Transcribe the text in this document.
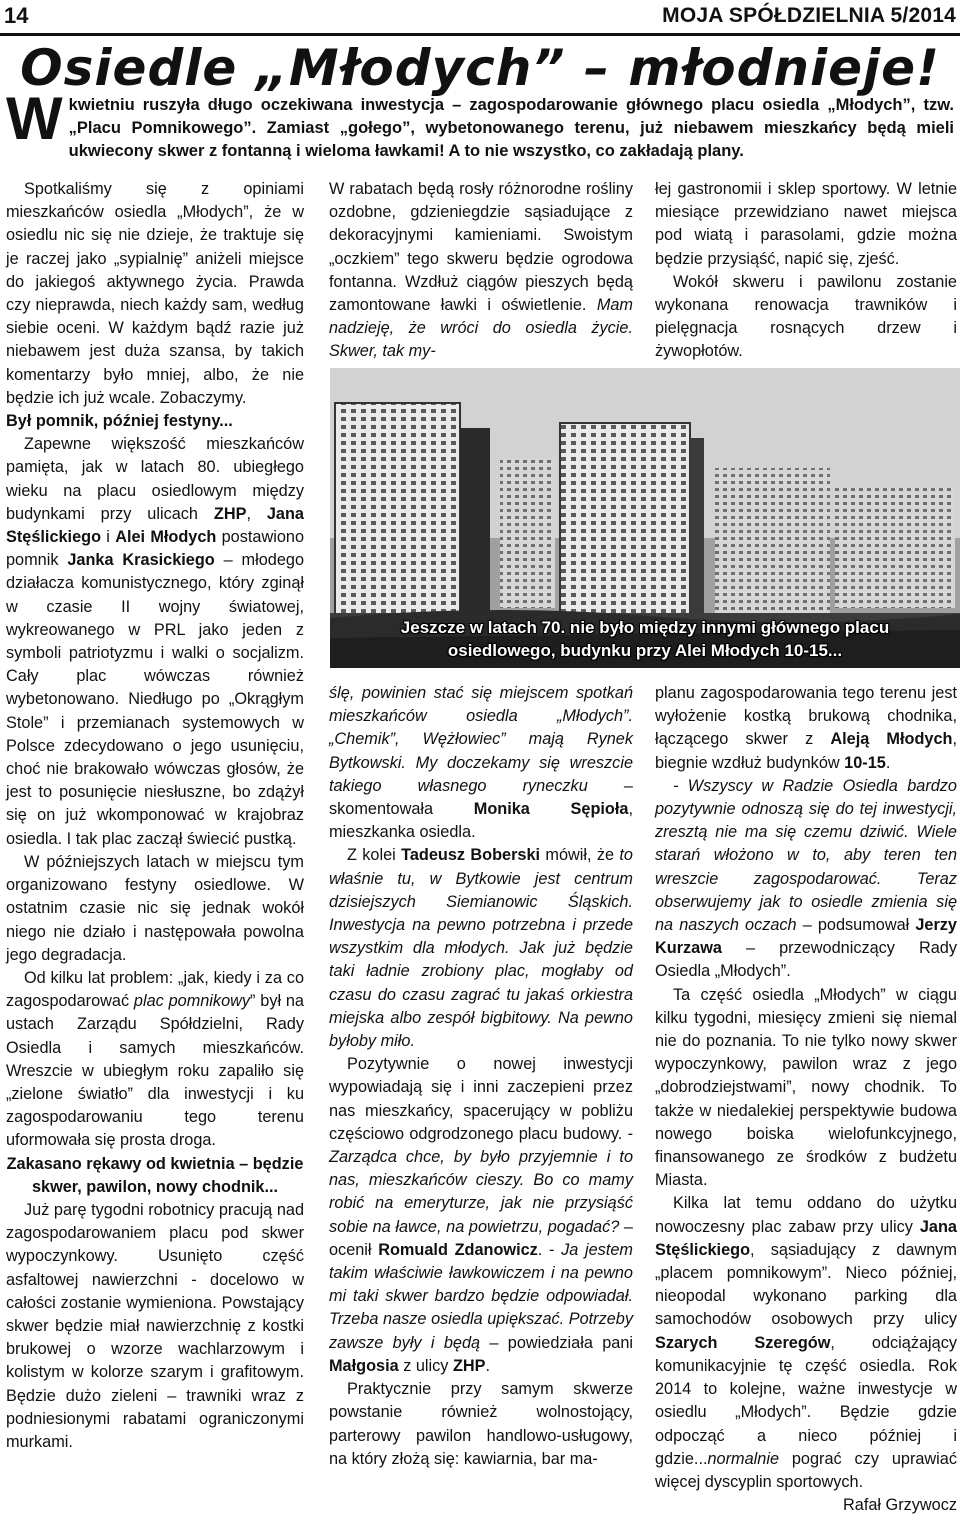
14	MOJA SPÓŁDZIELNIA 5/2014
Osiedle „Młodych” – młodnieje!
Wkwietniu ruszyła długo oczekiwana inwestycja – zagospodarowanie głównego placu osiedla „Młodych”, tzw. „Placu Pomnikowego”. Zamiast „gołego”, wybetonowanego terenu, już niebawem mieszkańcy będą mieli ukwiecony skwer z fontanną i wieloma ławkami! A to nie wszystko, co zakładają plany.

Spotkaliśmy się z opiniami mieszkańców osiedla „Młodych”, że w osiedlu nic się nie dzieje, że traktuje się je raczej jako „sypialnię” aniżeli miejsce do jakiegoś aktywnego życia. Prawda czy nieprawda, niech każdy sam, według siebie oceni. W każdym bądź razie już niebawem jest duża szansa, by takich komentarzy było mniej, albo, że nie będzie ich już wcale. Zobaczymy.

Był pomnik, później festyny...

Zapewne większość mieszkańców pamięta, jak w latach 80. ubiegłego wieku na placu osiedlowym między budynkami przy ulicach ZHP, Jana Stęślickiego i Alei Młodych postawiono pomnik Janka Krasickiego – młodego działacza komunistycznego, który zginął w czasie II wojny światowej, wykreowanego w PRL jako jeden z symboli patriotyzmu i walki o socjalizm. Cały plac wówczas również wybetonowano. Niedługo po „Okrągłym Stole” i przemianach systemowych w Polsce zdecydowano o jego usunięciu, choć nie brakowało wówczas głosów, że jest to posunięcie niesłuszne, bo zdążył się on już wkomponować w krajobraz osiedla. I tak plac zaczął świecić pustką.

W późniejszych latach w miejscu tym organizowano festyny osiedlowe. W ostatnim czasie nic się jednak wokół niego nie działo i następowała powolna jego degradacja.

Od kilku lat problem: „jak, kiedy i za co zagospodarować plac pomnikowy” był na ustach Zarządu Spółdzielni, Rady Osiedla i samych mieszkańców. Wreszcie w ubiegłym roku zapaliło się „zielone światło” dla inwestycji i ku zagospodarowaniu tego terenu uformowała się prosta droga.

Zakasano rękawy od kwietnia – będzie skwer, pawilon, nowy chodnik...

Już parę tygodni robotnicy pracują nad zagospodarowaniem placu pod skwer wypoczynkowy. Usunięto część asfaltowej nawierzchni - docelowo w całości zostanie wymieniona. Powstający skwer będzie miał nawierzchnię z kostki brukowej o wzorze wachlarzowym i kolistym w kolorze szarym i grafitowym. Będzie dużo zieleni – trawniki wraz z podniesionymi rabatami ograniczonymi murkami.

W rabatach będą rosły różnorodne rośliny ozdobne, gdzieniegdzie sąsiadujące z dekoracyjnymi kamieniami. Swoistym „oczkiem” tego skweru będzie ogrodowa fontanna. Wzdłuż ciągów pieszych będą zamontowane ławki i oświetlenie. Mam nadzieję, że wróci do osiedla życie. Skwer, tak my-

łej gastronomii i sklep sportowy. W letnie miesiące przewidziano nawet miejsca pod wiatą i parasolami, gdzie można będzie przysiąść, napić się, zjeść.

Wokół skweru i pawilonu zostanie wykonana renowacja trawników i pielęgnacja rosnących drzew i żywopłotów.

Jeszcze w latach 70. nie było między innymi głównego placu
osiedlowego, budynku przy Alei Młodych 10-15...

ślę, powinien stać się miejscem spotkań mieszkańców osiedla „Młodych”. „Chemik”, Wężłowiec” mają Rynek Bytkowski. My doczekamy się wreszcie takiego własnego ryneczku – skomentowała Monika Sępioła, mieszkanka osiedla.

Z kolei Tadeusz Boberski mówił, że to właśnie tu, w Bytkowie jest centrum dzisiejszych Siemianowic Śląskich. Inwestycja na pewno potrzebna i przede wszystkim dla młodych. Jak już będzie taki ładnie zrobiony plac, mogłaby od czasu do czasu zagrać tu jakaś orkiestra miejska albo zespół bigbitowy. Na pewno byłoby miło.

Pozytywnie o nowej inwestycji wypowiadają się i inni zaczepieni przez nas mieszkańcy, spacerujący w pobliżu częściowo odgrodzonego placu budowy. - Zarządca chce, by było przyjemnie i to nas, mieszkańców cieszy. Bo co mamy robić na emeryturze, jak nie przysiąść sobie na ławce, na powietrzu, pogadać? – ocenił Romuald Zdanowicz. - Ja jestem takim właściwie ławkowiczem i na pewno mi taki skwer bardzo będzie odpowiadał. Trzeba nasze osiedla upiększać. Potrzeby zawsze były i będą – powiedziała pani Małgosia z ulicy ZHP.

Praktycznie przy samym skwerze powstanie również wolnostojący, parterowy pawilon handlowo-usługowy, na który złożą się: kawiarnia, bar ma-

planu zagospodarowania tego terenu jest wyłożenie kostką brukową chodnika, łączącego skwer z Aleją Młodych, biegnie wzdłuż budynków 10-15.

- Wszyscy w Radzie Osiedla bardzo pozytywnie odnoszą się do tej inwestycji, zresztą nie ma się czemu dziwić. Wiele starań włożono w to, aby teren ten wreszcie zagospodarować. Teraz obserwujemy jak to osiedle zmienia się na naszych oczach – podsumował Jerzy Kurzawa – przewodniczący Rady Osiedla „Młodych”.

Ta część osiedla „Młodych” w ciągu kilku tygodni, miesięcy zmieni się niemal nie do poznania. To nie tylko nowy skwer wypoczynkowy, pawilon wraz z jego „dobrodziejstwami”, nowy chodnik. To także w niedalekiej perspektywie budowa nowego boiska wielofunkcyjnego, finansowanego ze środków z budżetu Miasta.

Kilka lat temu oddano do użytku nowoczesny plac zabaw przy ulicy Jana Stęślickiego, sąsiadujący z dawnym „placem pomnikowym”. Nieco później, nieopodal wykonano parking dla samochodów osobowych przy ulicy Szarych Szeregów, odciążający komunikacyjnie tę część osiedla. Rok 2014 to kolejne, ważne inwestycje w osiedlu „Młodych”. Będzie gdzie odpocząć a nieco później i gdzie...normalnie pograć czy uprawiać więcej dyscyplin sportowych.

Rafał Grzywocz
